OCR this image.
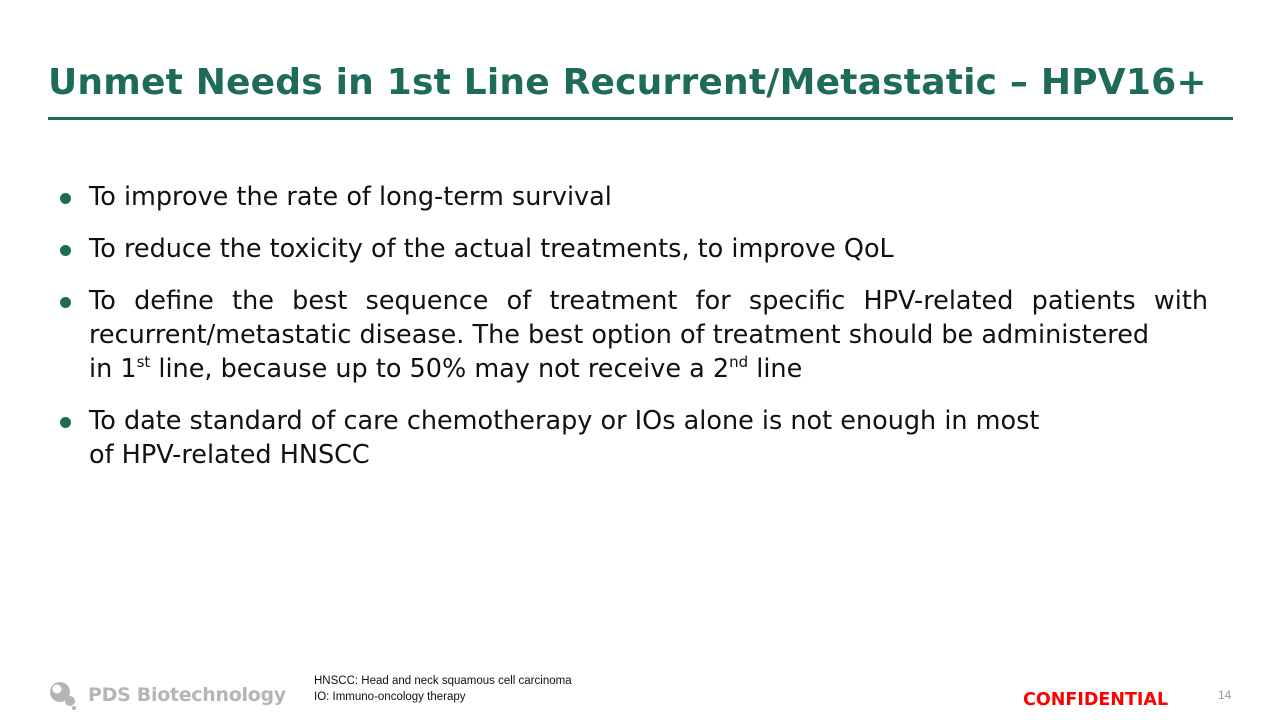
Unmet Needs in 1st Line Recurrent/Metastatic – HPV16+
To improve the rate of long-term survival
To reduce the toxicity of the actual treatments, to improve QoL
To define the best sequence of treatment for specific HPV-related patients with recurrent/metastatic disease. The best option of treatment should be administered
in 1st line, because up to 50% may not receive a 2nd line
To date standard of care chemotherapy or IOs alone is not enough in most
of HPV-related HNSCC
PDS Biotechnology
HNSCC: Head and neck squamous cell carcinoma
IO: Immuno-oncology therapy	CONFIDENTIAL	14
